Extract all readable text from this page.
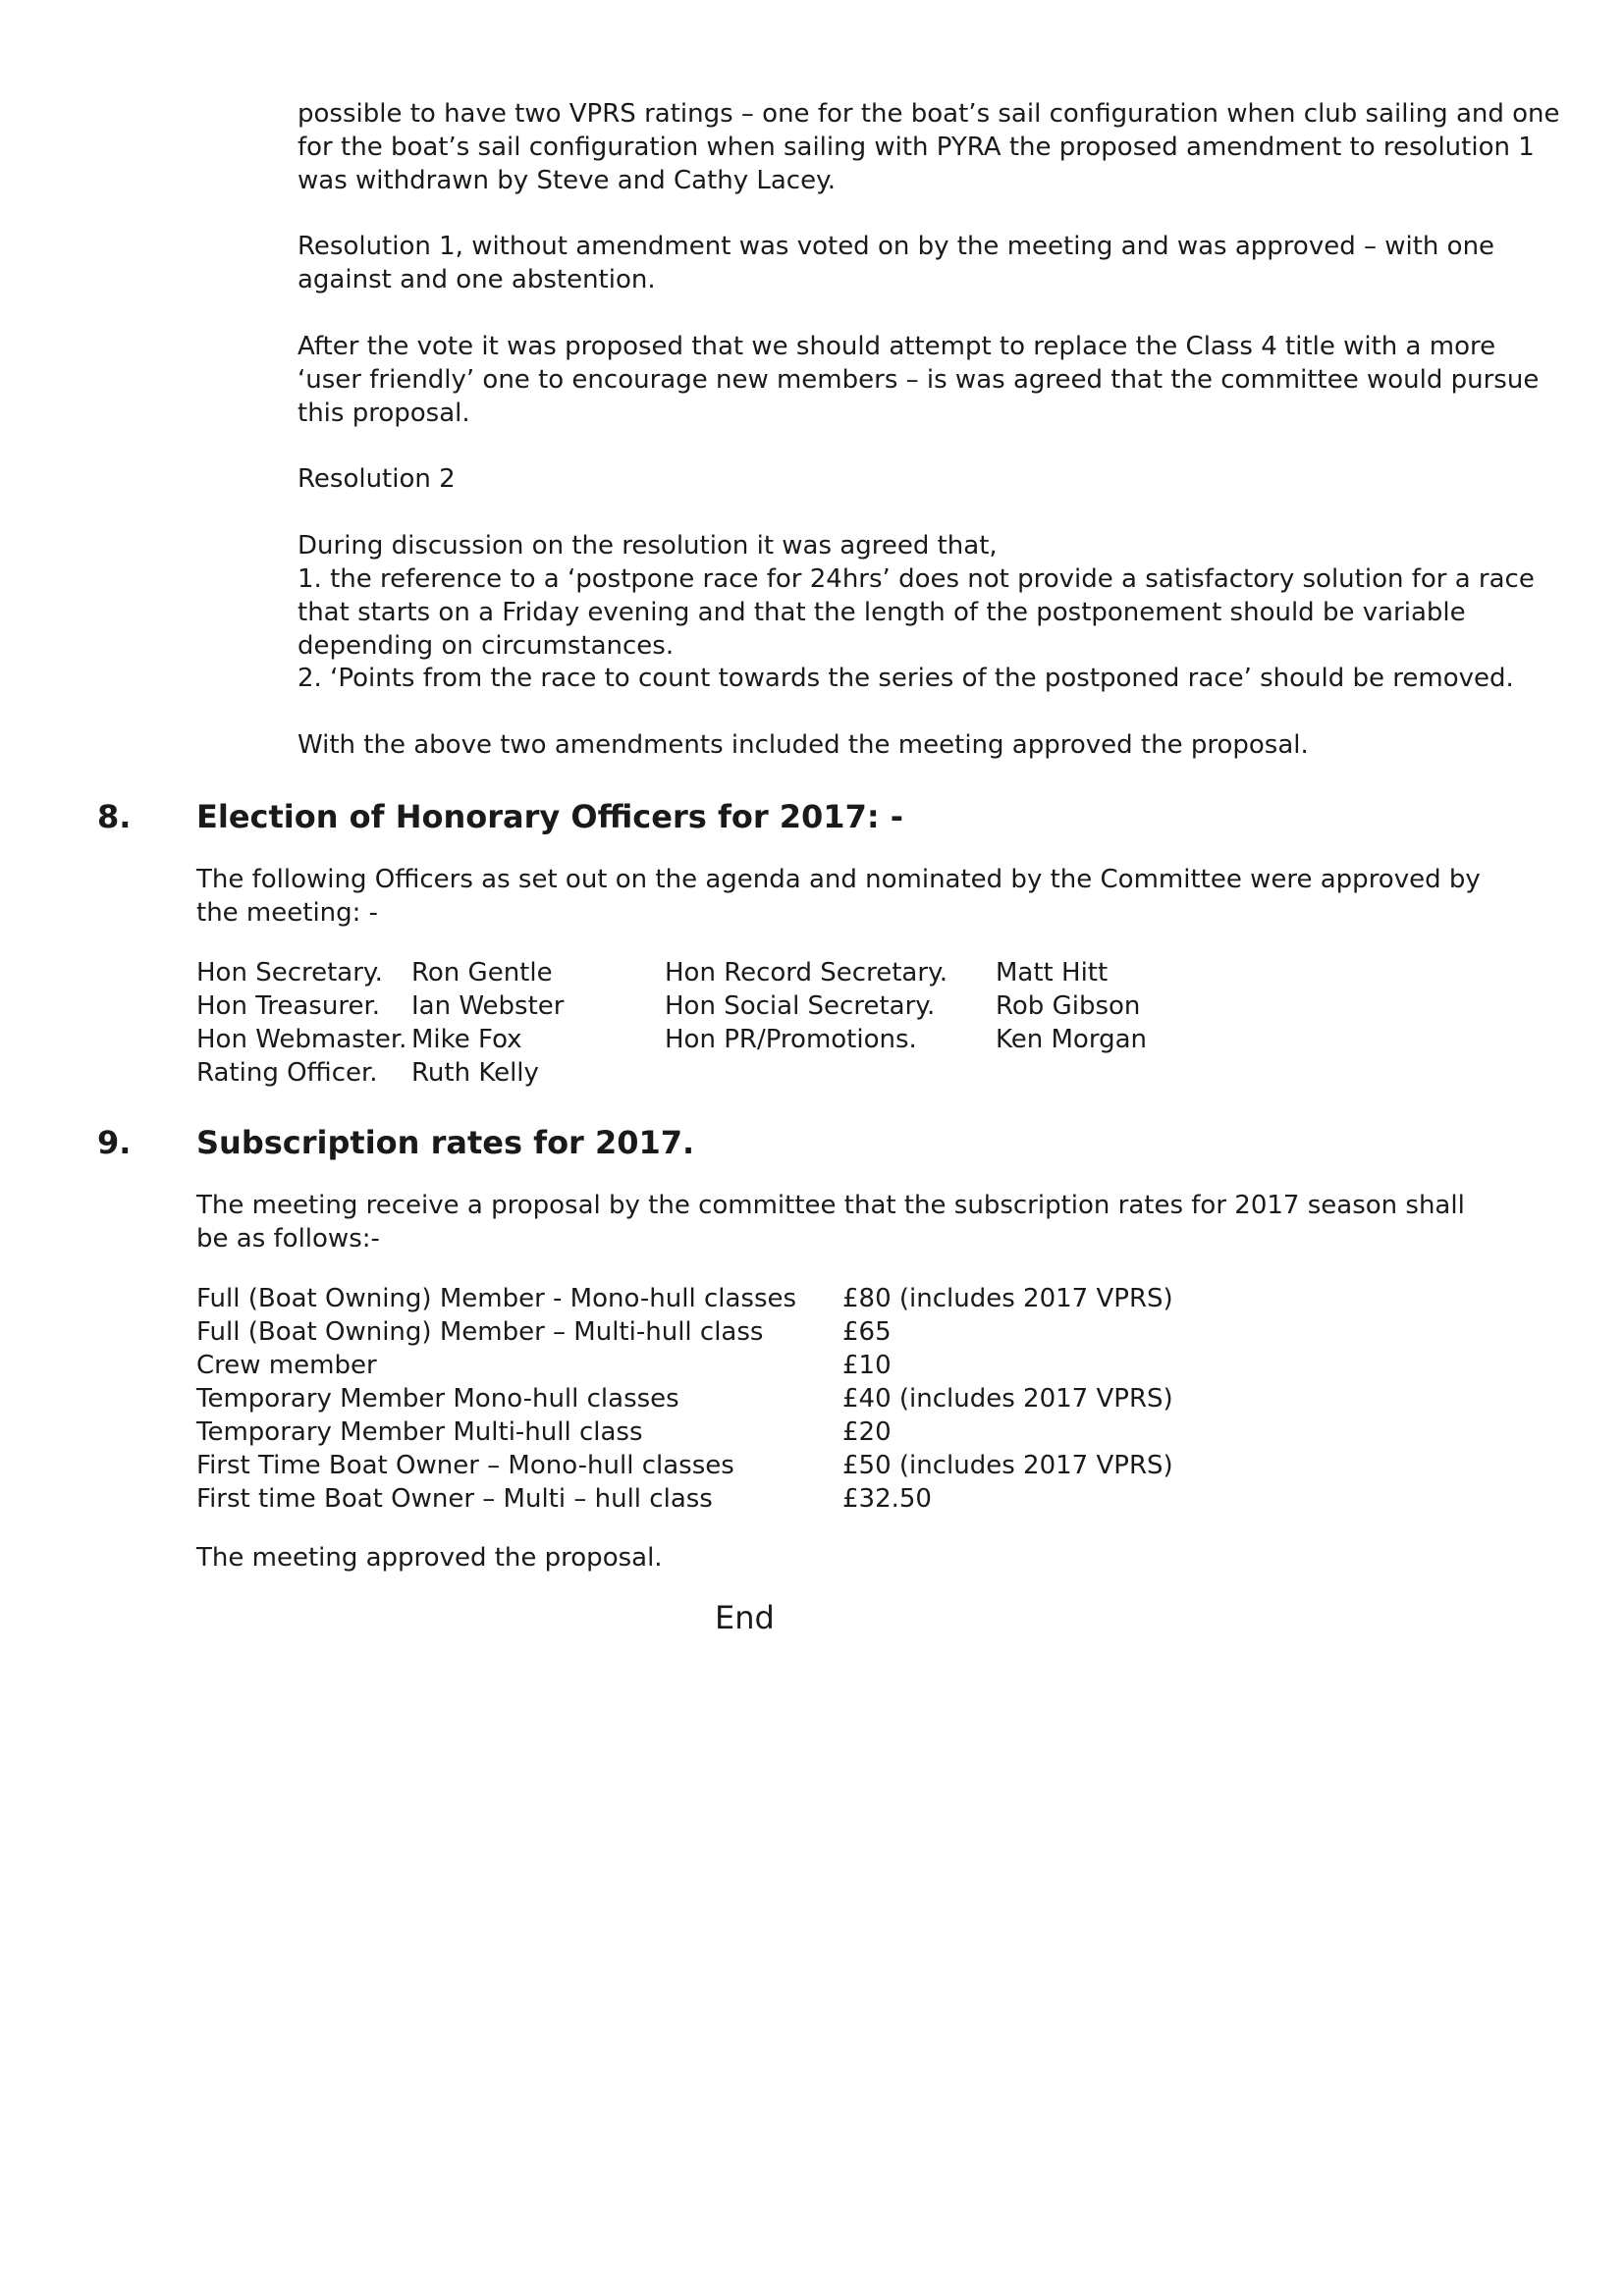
possible to have two VPRS ratings – one for the boat’s sail configuration when club sailing and one for the boat’s sail configuration when sailing with PYRA the proposed amendment to resolution 1 was withdrawn by Steve and Cathy Lacey.

Resolution 1, without amendment was voted on by the meeting and was approved – with one against and one abstention.

After the vote it was proposed that we should attempt to replace the Class 4 title with a more ‘user friendly’ one to encourage new members – is was agreed that the committee would pursue this proposal.

Resolution 2

During discussion on the resolution it was agreed that,

1. the reference to a ‘postpone race for 24hrs’ does not provide a satisfactory solution for a race that starts on a Friday evening and that the length of the postponement should be variable depending on circumstances.

2. ‘Points from the race to count towards the series of the postponed race’ should be removed.

With the above two amendments included the meeting approved the proposal.

8. Election of Honorary Officers for 2017: -

The following Officers as set out on the agenda and nominated by the Committee were approved by the meeting: -

Hon Secretary. Ron Gentle	Hon Record Secretary. Matt Hitt
Hon Treasurer. Ian Webster	Hon Social Secretary. Rob Gibson
Hon Webmaster. Mike Fox	Hon PR/Promotions.	Ken Morgan
Rating Officer. Ruth Kelly
9. Subscription rates for 2017.

The meeting receive a proposal by the committee that the subscription rates for 2017 season shall be as follows:-

Full (Boat Owning) Member - Mono-hull classes £80 (includes 2017 VPRS)
Full (Boat Owning) Member – Multi-hull class	£65
Crew member	£10
Temporary Member Mono-hull classes	£40 (includes 2017 VPRS)
Temporary Member Multi-hull class	£20
First Time Boat Owner – Mono-hull classes	£50 (includes 2017 VPRS)
First time Boat Owner – Multi – hull class	£32.50

The meeting approved the proposal.

End
